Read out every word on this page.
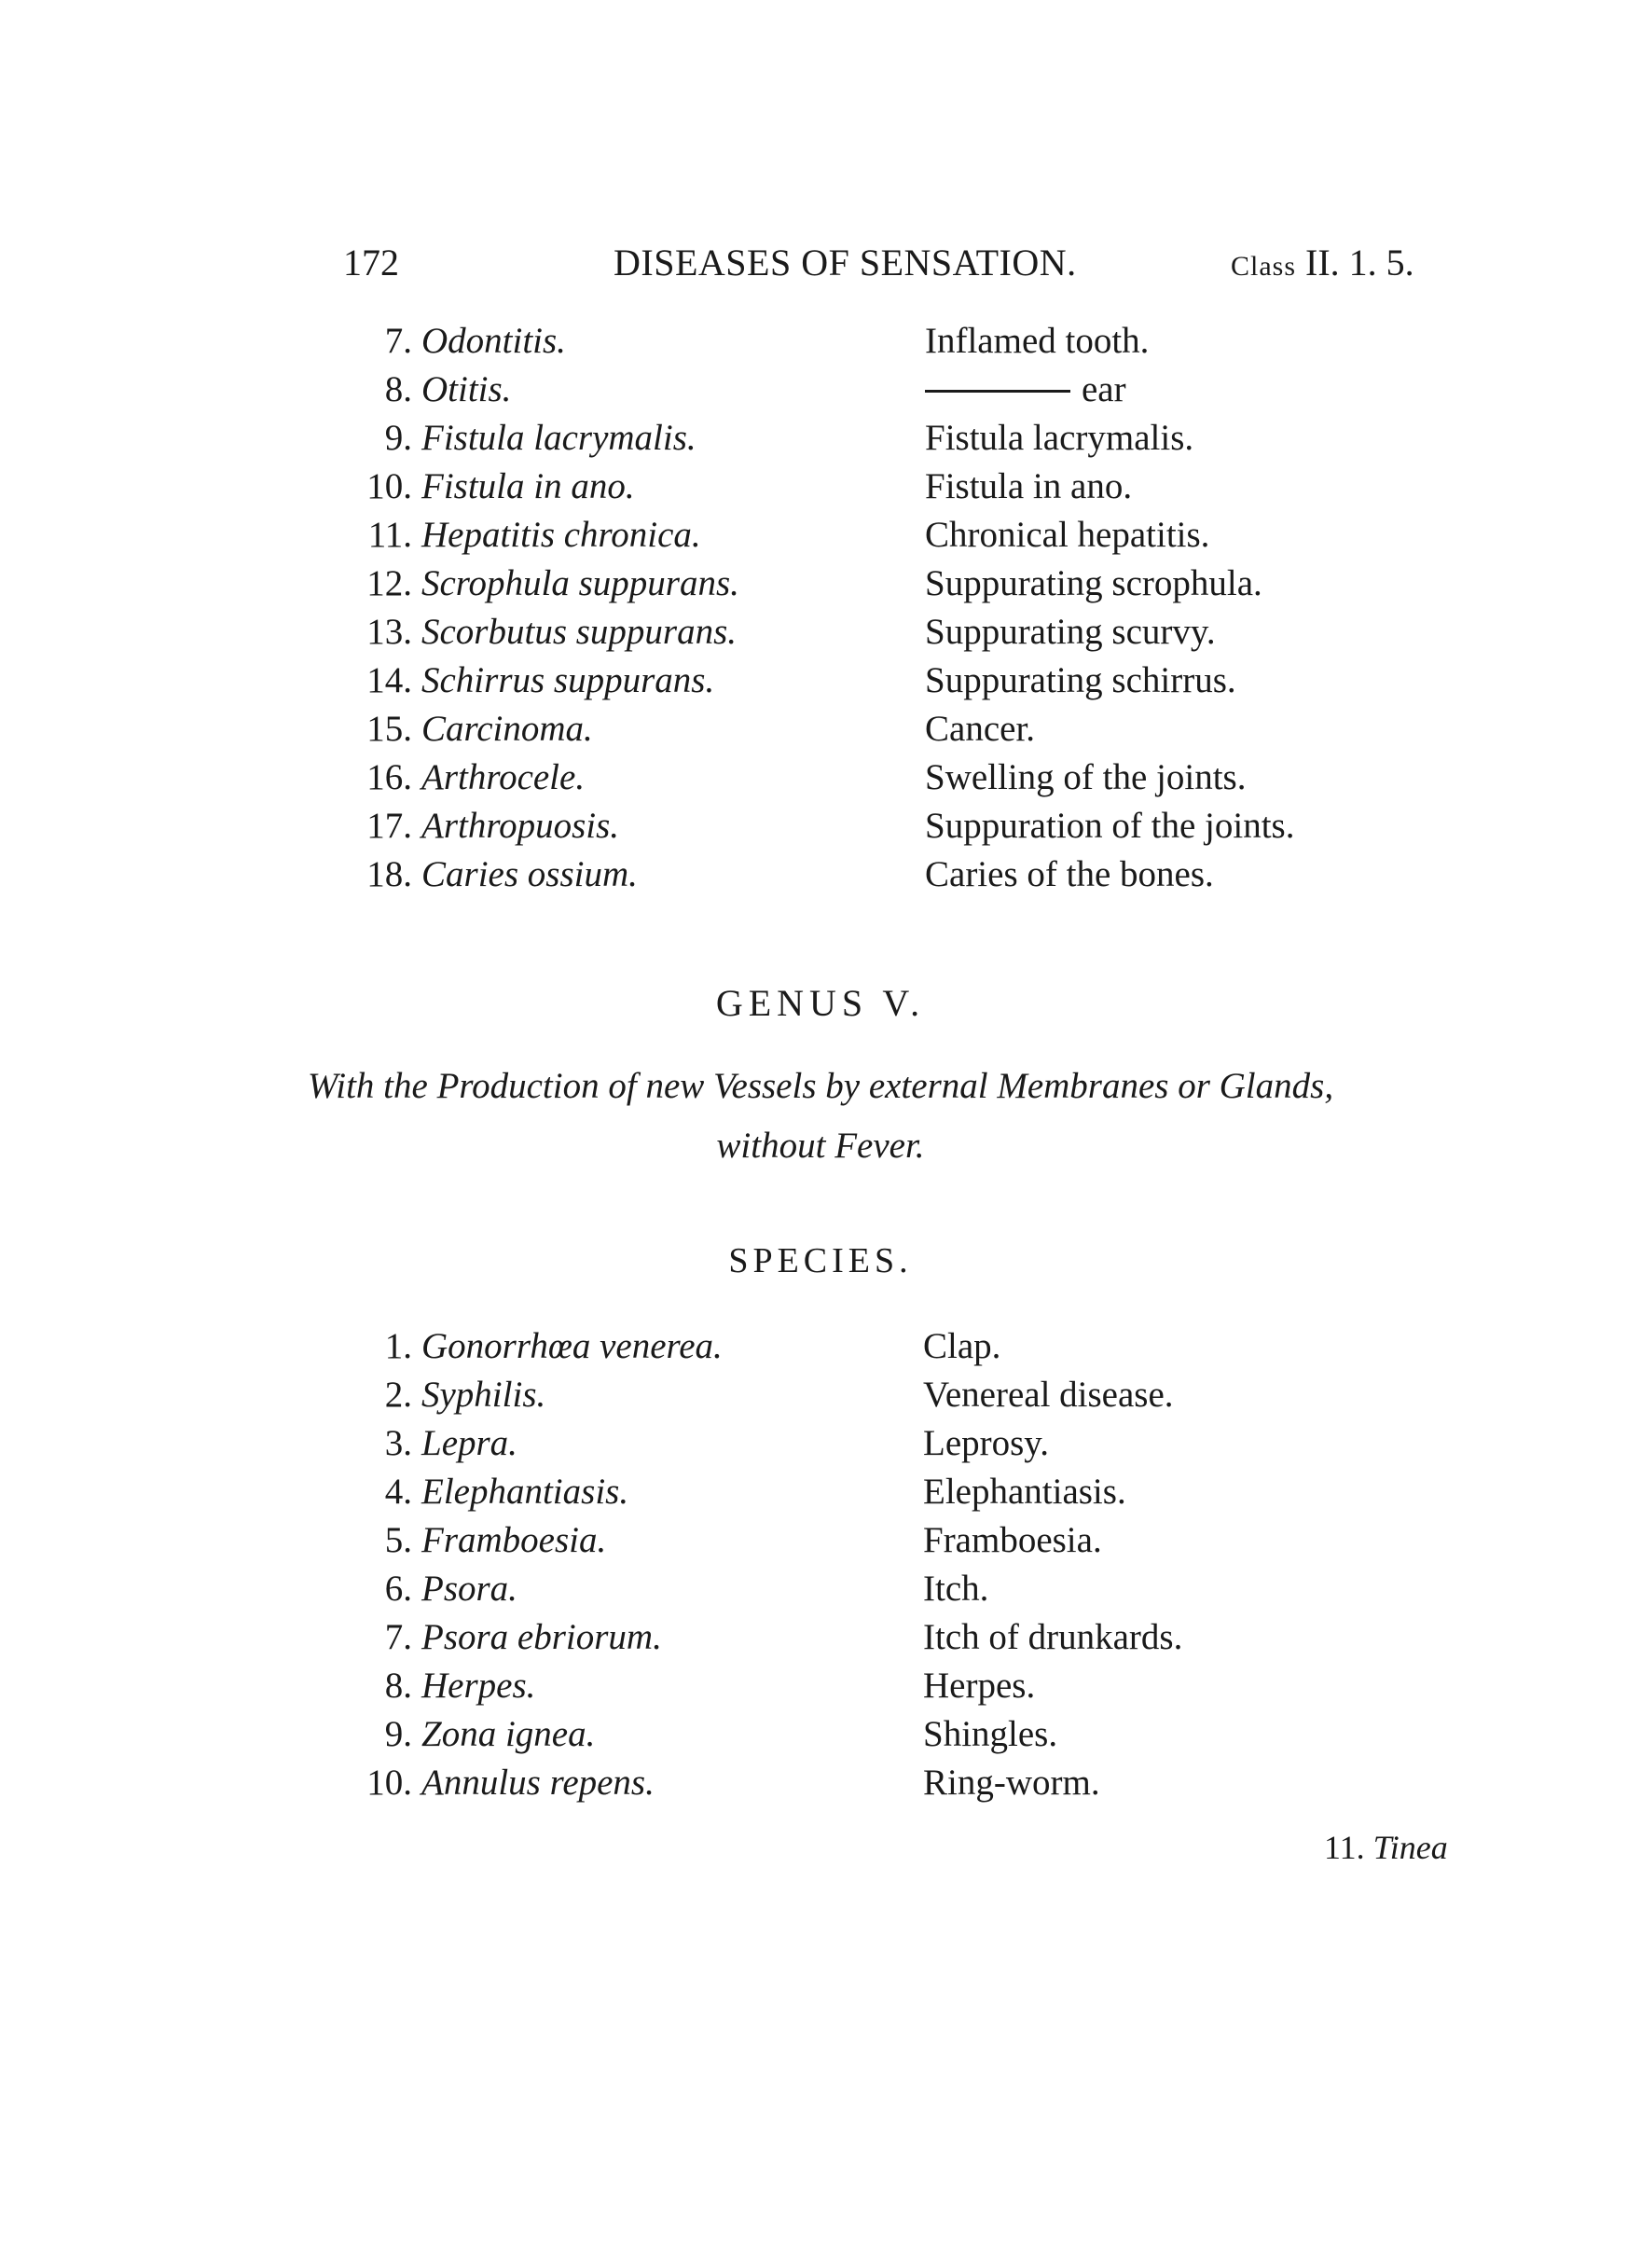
172	DISEASES OF SENSATION.	Class II. 1. 5.
7. Odontitis.	Inflamed tooth.
8. Otitis.	ear
9. Fistula lacrymalis.	Fistula lacrymalis.
10. Fistula in ano.	Fistula in ano.
11. Hepatitis chronica.	Chronical hepatitis.
12. Scrophula suppurans.	Suppurating scrophula.
13. Scorbutus suppurans.	Suppurating scurvy.
14. Schirrus suppurans.	Suppurating schirrus.
15. Carcinoma.	Cancer.
16. Arthrocele.	Swelling of the joints.
17. Arthropuosis.	Suppuration of the joints.
18. Caries ossium.	Caries of the bones.
GENUS V.
With the Production of new Vessels by external Membranes or Glands,
without Fever.
SPECIES.
1. Gonorrhœa venerea.	Clap.
2. Syphilis.	Venereal disease.
3. Lepra.	Leprosy.
4. Elephantiasis.	Elephantiasis.
5. Framboesia.	Framboesia.
6. Psora.	Itch.
7. Psora ebriorum.	Itch of drunkards.
8. Herpes.	Herpes.
9. Zona ignea.	Shingles.
10. Annulus repens.	Ring-worm.
11. Tinea
